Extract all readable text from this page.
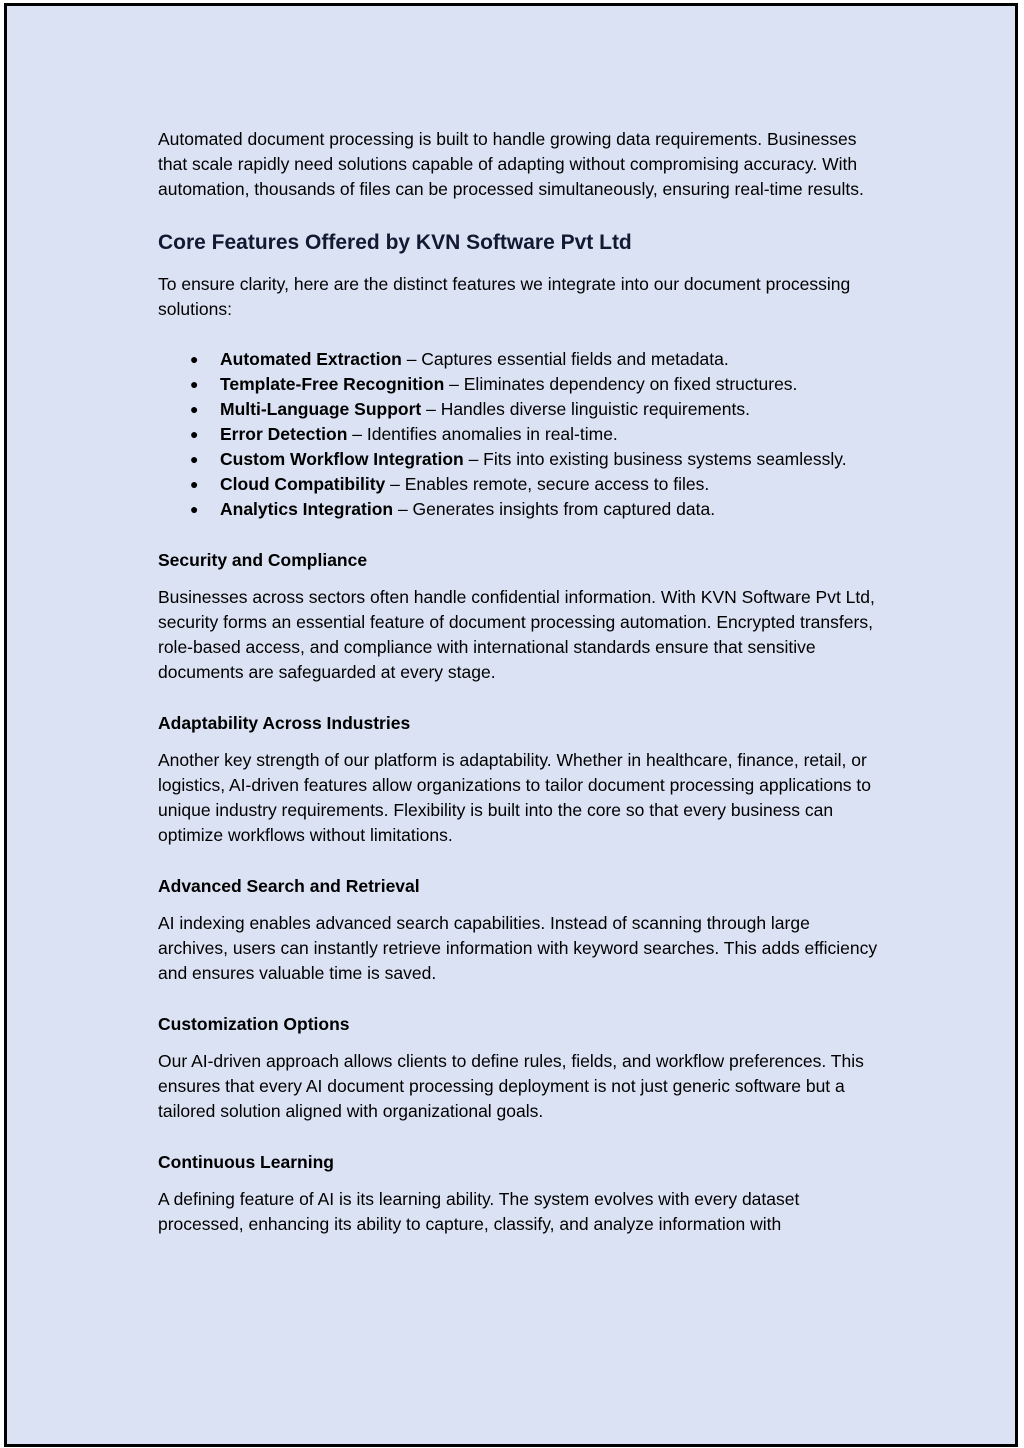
Automated document processing is built to handle growing data requirements. Businesses that scale rapidly need solutions capable of adapting without compromising accuracy. With automation, thousands of files can be processed simultaneously, ensuring real-time results.

Core Features Offered by KVN Software Pvt Ltd

To ensure clarity, here are the distinct features we integrate into our document processing solutions:

● Automated Extraction – Captures essential fields and metadata.
● Template-Free Recognition – Eliminates dependency on fixed structures.
● Multi-Language Support – Handles diverse linguistic requirements.
● Error Detection – Identifies anomalies in real-time.
● Custom Workflow Integration – Fits into existing business systems seamlessly.
● Cloud Compatibility – Enables remote, secure access to files.
● Analytics Integration – Generates insights from captured data.
Security and Compliance

Businesses across sectors often handle confidential information. With KVN Software Pvt Ltd, security forms an essential feature of document processing automation. Encrypted transfers, role-based access, and compliance with international standards ensure that sensitive documents are safeguarded at every stage.

Adaptability Across Industries

Another key strength of our platform is adaptability. Whether in healthcare, finance, retail, or logistics, AI-driven features allow organizations to tailor document processing applications to unique industry requirements. Flexibility is built into the core so that every business can optimize workflows without limitations.

Advanced Search and Retrieval

AI indexing enables advanced search capabilities. Instead of scanning through large archives, users can instantly retrieve information with keyword searches. This adds efficiency and ensures valuable time is saved.

Customization Options

Our AI-driven approach allows clients to define rules, fields, and workflow preferences. This ensures that every AI document processing deployment is not just generic software but a tailored solution aligned with organizational goals.

Continuous Learning

A defining feature of AI is its learning ability. The system evolves with every dataset processed, enhancing its ability to capture, classify, and analyze information with
